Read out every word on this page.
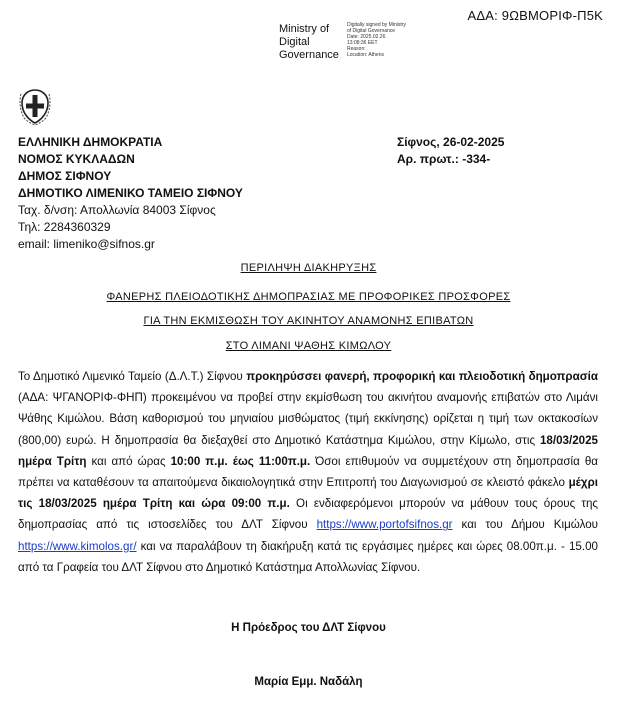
ΑΔΑ: 9ΩΒΜΟΡΙΦ-Π5Κ
Ministry of
Digital
Governance
Digitally signed by Ministry
of Digital Governance
Date: 2025.02.26
13:08:36 EET
Reason:
Location: Athens
ΕΛΛΗΝΙΚΗ ΔΗΜΟΚΡΑΤΙΑ
ΝΟΜΟΣ ΚΥΚΛΑΔΩΝ
ΔΗΜΟΣ ΣΙΦΝΟΥ
ΔΗΜΟΤΙΚΟ ΛΙΜΕΝΙΚΟ ΤΑΜΕΙΟ ΣΙΦΝΟΥ
Ταχ. δ/νση: Απολλωνία 84003 Σίφνος
Τηλ: 2284360329
email: limeniko@sifnos.gr
Σίφνος, 26-02-2025
Αρ. πρωτ.: -334-
ΠΕΡΙΛΗΨΗ ΔΙΑΚΗΡΥΞΗΣ
ΦΑΝΕΡΗΣ ΠΛΕΙΟΔΟΤΙΚΗΣ ΔΗΜΟΠΡΑΣΙΑΣ ΜΕ ΠΡΟΦΟΡΙΚΕΣ ΠΡΟΣΦΟΡΕΣ
ΓΙΑ ΤΗΝ ΕΚΜΙΣΘΩΣΗ ΤΟΥ ΑΚΙΝΗΤΟΥ ΑΝΑΜΟΝΗΣ ΕΠΙΒΑΤΩΝ
ΣΤΟ ΛΙΜΑΝΙ ΨΑΘΗΣ ΚΙΜΩΛΟΥ
Το Δημοτικό Λιμενικό Ταμείο (Δ.Λ.Τ.) Σίφνου προκηρύσσει φανερή, προφορική και πλειοδοτική δημοπρασία (ΑΔΑ: ΨΓΑΝΟΡΙΦ-ΦΗΠ) προκειμένου να προβεί στην εκμίσθωση του ακινήτου αναμονής επιβατών στο Λιμάνι Ψάθης Κιμώλου. Βάση καθορισμού του μηνιαίου μισθώματος (τιμή εκκίνησης) ορίζεται η τιμή των οκτακοσίων (800,00) ευρώ. Η δημοπρασία θα διεξαχθεί στο Δημοτικό Κατάστημα Κιμώλου, στην Κίμωλο, στις 18/03/2025 ημέρα Τρίτη και από ώρας 10:00 π.μ. έως 11:00π.μ. Όσοι επιθυμούν να συμμετέχουν στη δημοπρασία θα πρέπει να καταθέσουν τα απαιτούμενα δικαιολογητικά στην Επιτροπή του Διαγωνισμού σε κλειστό φάκελο μέχρι τις 18/03/2025 ημέρα Τρίτη και ώρα 09:00 π.μ. Οι ενδιαφερόμενοι μπορούν να μάθουν τους όρους της δημοπρασίας από τις ιστοσελίδες του ΔΛΤ Σίφνου https://www.portofsifnos.gr και του Δήμου Κιμώλου https://www.kimolos.gr/ και να παραλάβουν τη διακήρυξη κατά τις εργάσιμες ημέρες και ώρες 08.00π.μ. - 15.00 από τα Γραφεία του ΔΛΤ Σίφνου στο Δημοτικό Κατάστημα Απολλωνίας Σίφνου.
Η Πρόεδρος του ΔΛΤ Σίφνου
Μαρία Εμμ. Ναδάλη
